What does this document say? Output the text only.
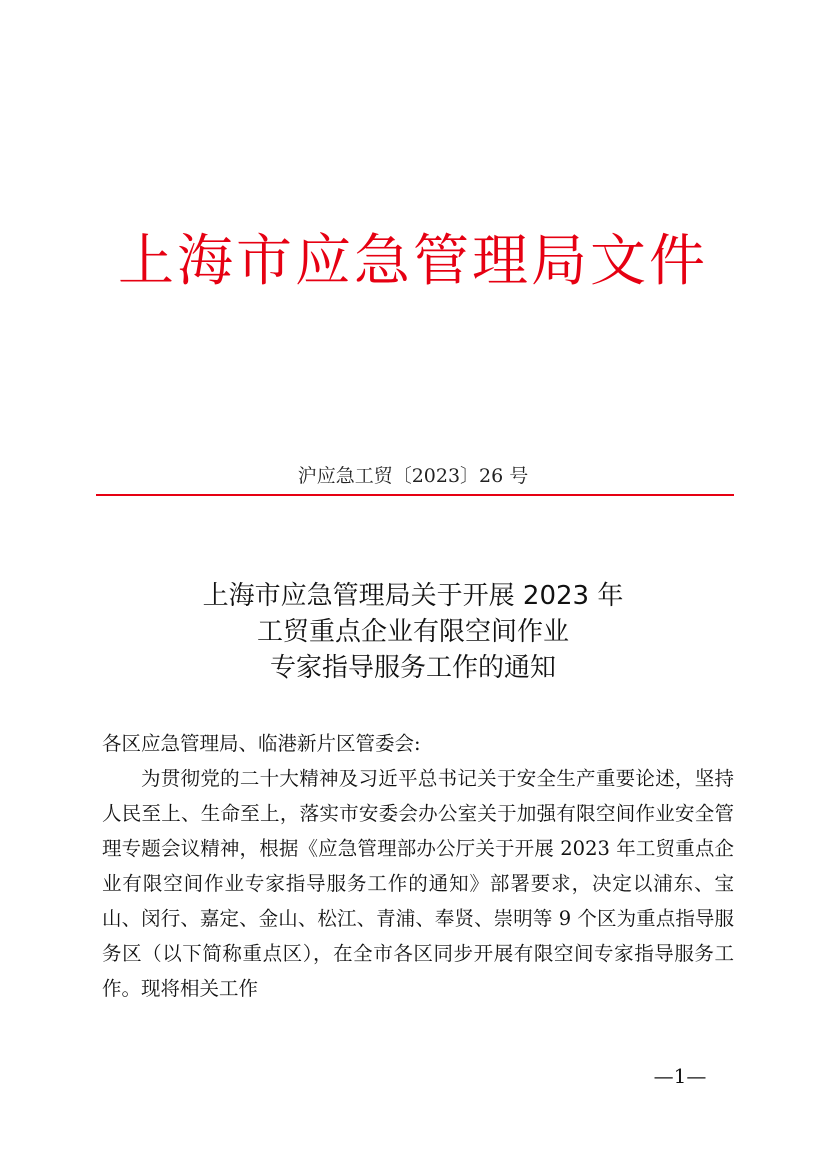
上海市应急管理局文件
沪应急工贸〔2023〕26 号
上海市应急管理局关于开展 2023 年
工贸重点企业有限空间作业
专家指导服务工作的通知
各区应急管理局、临港新片区管委会:

为贯彻党的二十大精神及习近平总书记关于安全生产重要论述，坚持人民至上、生命至上，落实市安委会办公室关于加强有限空间作业安全管理专题会议精神，根据《应急管理部办公厅关于开展 2023 年工贸重点企业有限空间作业专家指导服务工作的通知》部署要求，决定以浦东、宝山、闵行、嘉定、金山、松江、青浦、奉贤、崇明等 9 个区为重点指导服务区（以下简称重点区），在全市各区同步开展有限空间专家指导服务工作。现将相关工作

—1—
